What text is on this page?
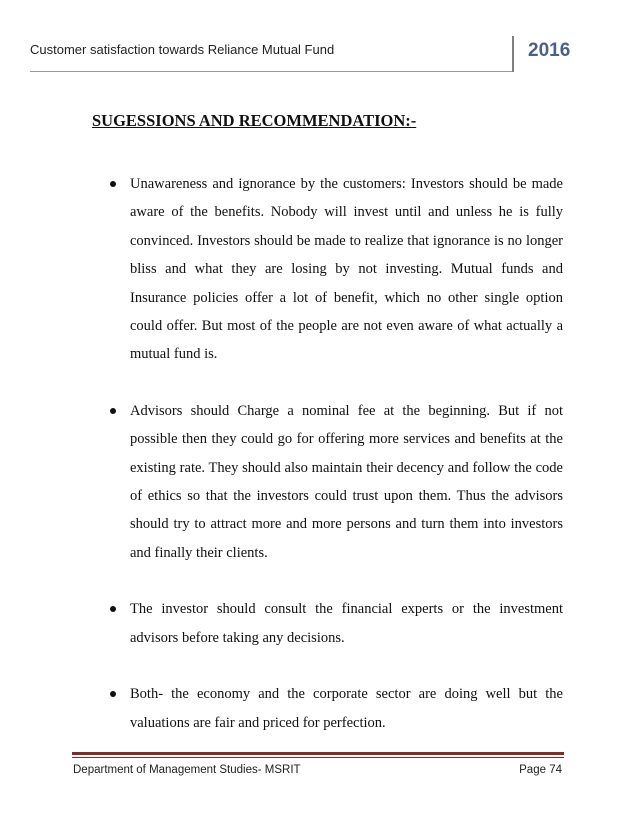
Customer satisfaction towards Reliance Mutual Fund	2016
SUGESSIONS AND RECOMMENDATION:-
Unawareness and ignorance by the customers: Investors should be made aware of the benefits. Nobody will invest until and unless he is fully convinced. Investors should be made to realize that ignorance is no longer bliss and what they are losing by not investing. Mutual funds and Insurance policies offer a lot of benefit, which no other single option could offer. But most of the people are not even aware of what actually a mutual fund is.
Advisors should Charge a nominal fee at the beginning. But if not possible then they could go for offering more services and benefits at the existing rate. They should also maintain their decency and follow the code of ethics so that the investors could trust upon them. Thus the advisors should try to attract more and more persons and turn them into investors and finally their clients.
The investor should consult the financial experts or the investment advisors before taking any decisions.
Both- the economy and the corporate sector are doing well but the valuations are fair and priced for perfection.
Department of Management Studies- MSRIT	Page 74
